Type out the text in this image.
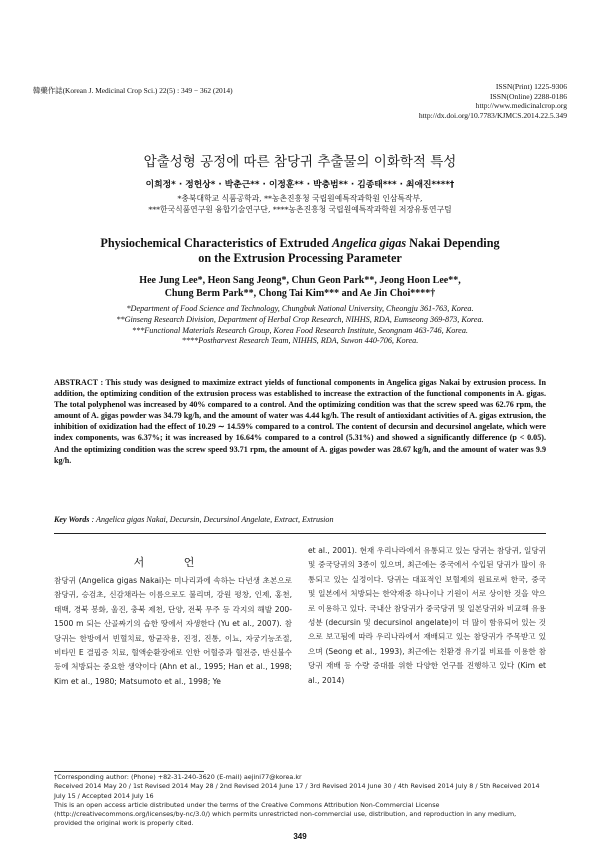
韓藥作誌(Korean J. Medicinal Crop Sci.) 22(5) : 349 − 362 (2014)	ISSN(Print) 1225-9306
ISSN(Online) 2288-0186
http://www.medicinalcrop.org
http://dx.doi.org/10.7783/KJMCS.2014.22.5.349
압출성형 공정에 따른 참당귀 추출물의 이화학적 특성
이희정* · 정헌상* · 박춘근** · 이정훈** · 박충범** · 김종태*** · 최애진****†
*충북대학교 식품공학과, **농촌진흥청 국립원예특작과학원 인삼특작부,
***한국식품연구원 융합기술연구단, ****농촌진흥청 국립원예특작과학원 저장유통연구팀
Physiochemical Characteristics of Extruded Angelica gigas Nakai Depending
on the Extrusion Processing Parameter
Hee Jung Lee*, Heon Sang Jeong*, Chun Geon Park**, Jeong Hoon Lee**,
Chung Berm Park**, Chong Tai Kim*** and Ae Jin Choi****†
*Department of Food Science and Technology, Chungbuk National University, Cheongju 361-763, Korea.
**Ginseng Research Division, Department of Herbal Crop Research, NIHHS, RDA, Eumseong 369-873, Korea.
***Functional Materials Research Group, Korea Food Research Institute, Seongnam 463-746, Korea.
****Postharvest Research Team, NIHHS, RDA, Suwon 440-706, Korea.
ABSTRACT : This study was designed to maximize extract yields of functional components in Angelica gigas Nakai by extrusion process. In addition, the optimizing condition of the extrusion process was established to increase the extraction of the functional components in A. gigas. The total polyphenol was increased by 40% compared to a control. And the optimizing condition was that the screw speed was 62.76 rpm, the amount of A. gigas powder was 34.79 kg/h, and the amount of water was 4.44 kg/h. The result of antioxidant activities of A. gigas extrusion, the inhibition of oxidization had the effect of 10.29 ∼ 14.59% compared to a control. The content of decursin and decursinol angelate, which were index components, was 6.37%; it was increased by 16.64% compared to a control (5.31%) and showed a significantly difference (p < 0.05). And the optimizing condition was the screw speed 93.71 rpm, the amount of A. gigas powder was 28.67 kg/h, and the amount of water was 9.9 kg/h.
Key Words : Angelica gigas Nakai, Decursin, Decursinol Angelate, Extract, Extrusion
서 언
참당귀 (Angelica gigas Nakai)는 미나리과에 속하는 다년생 초본으로 참당귀, 승검초, 신감채라는 이름으로도 불리며, 강원 평창, 인제, 홍천, 태백, 경북 봉화, 울진, 충북 제천, 단양, 전북 무주 등 각지의 해발 200-1500 m 되는 산골짜기의 습한 땅에서 자생한다 (Yu et al., 2007). 참당귀는 한방에서 빈혈치료, 항균작용, 진정, 진통, 이뇨, 자궁기능조절, 비타민 E 결핍증 치료, 혈액순환장애로 인한 어혈증과 혈전증, 반신불수 등에 처방되는 중요한 생약이다 (Ahn et al., 1995; Han et al., 1998; Kim et al., 1980; Matsumoto et al., 1998; Ye
et al., 2001). 현재 우리나라에서 유통되고 있는 당귀는 참당귀, 일당귀 및 중국당귀의 3종이 있으며, 최근에는 중국에서 수입된 당귀가 많이 유통되고 있는 실정이다. 당귀는 대표적인 보혈제의 원료로써 한국, 중국 및 일본에서 처방되는 한약재중 하나이나 기원이 서로 상이한 것을 약으로 이용하고 있다. 국내산 참당귀가 중국당귀 및 일본당귀와 비교해 유용성분 (decursin 및 decursinol angelate)이 더 많이 함유되어 있는 것으로 보고됨에 따라 우리나라에서 재배되고 있는 참당귀가 주목받고 있으며 (Seong et al., 1993), 최근에는 친환경 유기질 비료를 이용한 참당귀 재배 등 수량 증대를 위한 다양한 연구를 진행하고 있다 (Kim et al., 2014)
†Corresponding author: (Phone) +82-31-240-3620 (E-mail) aejini77@korea.kr
Received 2014 May 20 / 1st Revised 2014 May 28 / 2nd Revised 2014 June 17 / 3rd Revised 2014 June 30 / 4th Revised 2014 July 8 / 5th Received 2014 July 15 / Accepted 2014 July 16
This is an open access article distributed under the terms of the Creative Commons Attribution Non-Commercial License (http://creativecommons.org/licenses/by-nc/3.0/) which permits unrestricted non-commercial use, distribution, and reproduction in any medium, provided the original work is properly cited.
349
